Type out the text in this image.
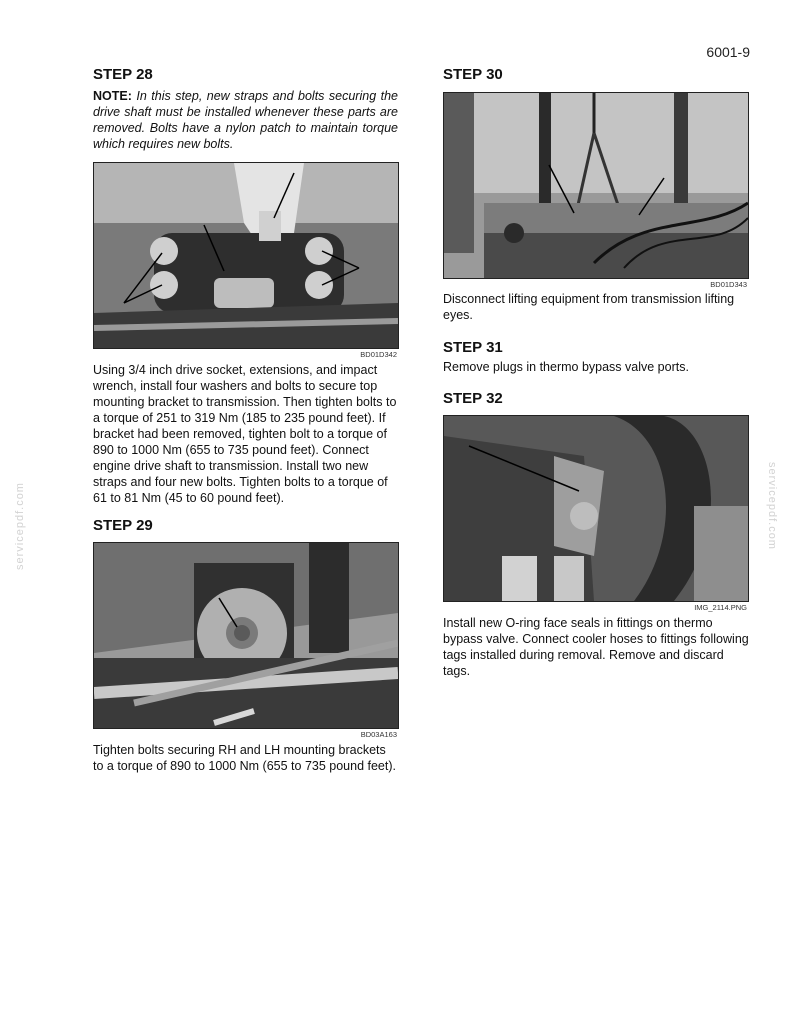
6001-9
servicepdf.com	servicepdf.com
STEP 28
NOTE: In this step, new straps and bolts securing the drive shaft must be installed whenever these parts are removed. Bolts have a nylon patch to maintain torque which requires new bolts.
BD01D342
Using 3/4 inch drive socket, extensions, and impact wrench, install four washers and bolts to secure top mounting bracket to transmission. Then tighten bolts to a torque of 251 to 319 Nm (185 to 235 pound feet). If bracket had been removed, tighten bolt to a torque of 890 to 1000 Nm (655 to 735 pound feet). Connect engine drive shaft to transmission. Install two new straps and four new bolts. Tighten bolts to a torque of 61 to 81 Nm (45 to 60 pound feet).
STEP 29
BD03A163
Tighten bolts securing RH and LH mounting brackets to a torque of 890 to 1000 Nm (655 to 735 pound feet).
STEP 30
BD01D343
Disconnect lifting equipment from transmission lifting eyes.
STEP 31
Remove plugs in thermo bypass valve ports.
STEP 32
IMG_2114.PNG
Install new O-ring face seals in fittings on thermo bypass valve. Connect cooler hoses to fittings following tags installed during removal. Remove and discard tags.
